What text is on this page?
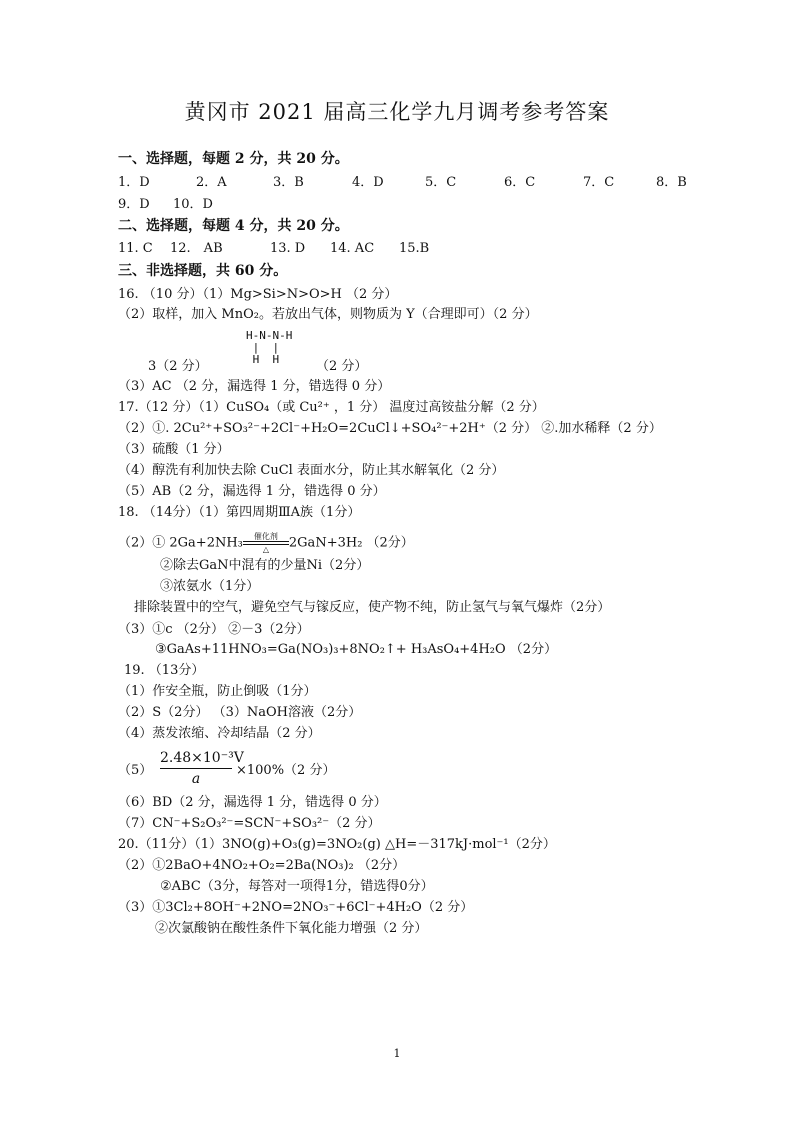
黄冈市 2021 届高三化学九月调考参考答案
一、选择题，每题 2 分，共 20 分。
1．D	2．A	3．B	4．D	5．C	6．C	7．C	8．B
9．D 10．D
二、选择题，每题 4 分，共 20 分。
11. C 12.　AB	13. D 14. AC 15.B
三、非选择题，共 60 分。
16. （10 分）（1）Mg>Si>N>O>H （2 分）
（2）取样，加入 MnO₂。若放出气体，则物质为 Y（合理即可）（2 分）
H-N-N-H
|  |
H  H
3（2 分）	（2 分）
（3）AC （2 分，漏选得 1 分，错选得 0 分）
17.（12 分）（1）CuSO₄（或 Cu²⁺ ，1 分） 温度过高铵盐分解（2 分）
（2）①. 2Cu²⁺+SO₃²⁻+2Cl⁻+H₂O=2CuCl↓+SO₄²⁻+2H⁺（2 分） ②.加水稀释（2 分）
（3）硫酸（1 分）
（4）醇洗有利加快去除 CuCl 表面水分，防止其水解氧化（2 分）
（5）AB（2 分，漏选得 1 分，错选得 0 分）
18. （14分）（1）第四周期ⅢA族（1分）
（2）① 2Ga+2NH₃	催化剂
△	2GaN+3H₂ （2分）
②除去GaN中混有的少量Ni（2分）
③浓氨水（1分）
排除装置中的空气，避免空气与镓反应，使产物不纯，防止氢气与氧气爆炸（2分）
（3）①c （2分） ②－3（2分）
③GaAs+11HNO₃=Ga(NO₃)₃+8NO₂↑+ H₃AsO₄+4H₂O （2分）
19. （13分）
（1）作安全瓶，防止倒吸（1分）
（2）S（2分） （3）NaOH溶液（2分）
（4）蒸发浓缩、冷却结晶（2 分）
$(5) \frac{\text{2.48×10⁻³V}}{a} \times 100\%(2$ 分）
（6）BD（2 分，漏选得 1 分，错选得 0 分）
（7）CN⁻+S₂O₃²⁻=SCN⁻+SO₃²⁻（2 分）
20.（11分）（1）3NO(g)+O₃(g)=3NO₂(g) △H=－317kJ·mol⁻¹（2分）
（2）①2BaO+4NO₂+O₂=2Ba(NO₃)₂ （2分）
②ABC（3分，每答对一项得1分，错选得0分）
（3）①3Cl₂+8OH⁻+2NO=2NO₃⁻+6Cl⁻+4H₂O（2 分）
②次氯酸钠在酸性条件下氧化能力增强（2 分）
1
